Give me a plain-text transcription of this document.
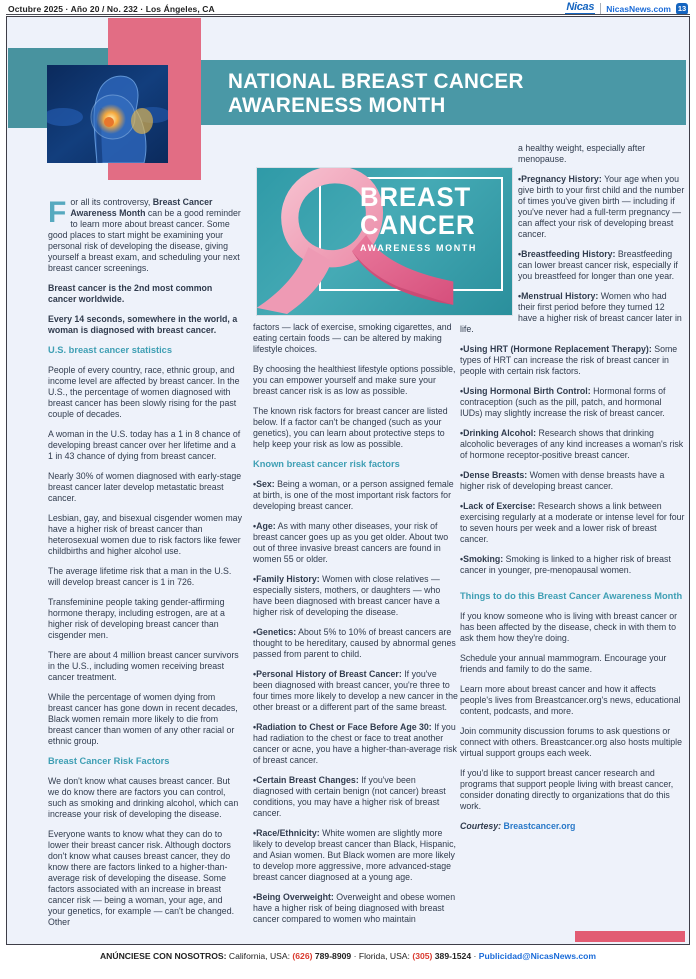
Octubre 2025 · Año 20 / No. 232 · Los Ángeles, CA	Nicas NicasNews.com 13
NATIONAL BREAST CANCER
AWARENESS MONTH
BREAST
CANCER
AWARENESS MONTH

For all its controversy, Breast Cancer Awareness Month can be a good reminder to learn more about breast cancer. Some good places to start might be examining your personal risk of developing the disease, giving yourself a breast exam, and scheduling your next breast cancer screenings.

Breast cancer is the 2nd most common cancer worldwide.

Every 14 seconds, somewhere in the world, a woman is diagnosed with breast cancer.

U.S. breast cancer statistics

People of every country, race, ethnic group, and income level are affected by breast cancer. In the U.S., the percentage of women diagnosed with breast cancer has been slowly rising for the past couple of decades.

A woman in the U.S. today has a 1 in 8 chance of developing breast cancer over her lifetime and a 1 in 43 chance of dying from breast cancer.

Nearly 30% of women diagnosed with early-stage breast cancer later develop metastatic breast cancer.

Lesbian, gay, and bisexual cisgender women may have a higher risk of breast cancer than heterosexual women due to risk factors like fewer childbirths and higher alcohol use.

The average lifetime risk that a man in the U.S. will develop breast cancer is 1 in 726.

Transfeminine people taking gender-affirming hormone therapy, including estrogen, are at a higher risk of developing breast cancer than cisgender men.

There are about 4 million breast cancer survivors in the U.S., including women receiving breast cancer treatment.

While the percentage of women dying from breast cancer has gone down in recent decades, Black women remain more likely to die from breast cancer than women of any other racial or ethnic group.

Breast Cancer Risk Factors

We don't know what causes breast cancer. But we do know there are factors you can control, such as smoking and drinking alcohol, which can increase your risk of developing the disease.

Everyone wants to know what they can do to lower their breast cancer risk. Although doctors don't know what causes breast cancer, they do know there are factors linked to a higher-than-average risk of developing the disease. Some factors associated with an increase in breast cancer risk — being a woman, your age, and your genetics, for example — can't be changed. Other

factors — lack of exercise, smoking cigarettes, and eating certain foods — can be altered by making lifestyle choices.

By choosing the healthiest lifestyle options possible, you can empower yourself and make sure your breast cancer risk is as low as possible.

The known risk factors for breast cancer are listed below. If a factor can't be changed (such as your genetics), you can learn about protective steps to help keep your risk as low as possible.

Known breast cancer risk factors

• Sex: Being a woman, or a person assigned female at birth, is one of the most important risk factors for developing breast cancer.

• Age: As with many other diseases, your risk of breast cancer goes up as you get older. About two out of three invasive breast cancers are found in women 55 or older.

• Family History: Women with close relatives — especially sisters, mothers, or daughters — who have been diagnosed with breast cancer have a higher risk of developing the disease.

• Genetics: About 5% to 10% of breast cancers are thought to be hereditary, caused by abnormal genes passed from parent to child.

• Personal History of Breast Cancer: If you've been diagnosed with breast cancer, you're three to four times more likely to develop a new cancer in the other breast or a different part of the same breast.

• Radiation to Chest or Face Before Age 30: If you had radiation to the chest or face to treat another cancer or acne, you have a higher-than-average risk of breast cancer.

• Certain Breast Changes: If you've been diagnosed with certain benign (not cancer) breast conditions, you may have a higher risk of breast cancer.

• Race/Ethnicity: White women are slightly more likely to develop breast cancer than Black, Hispanic, and Asian women. But Black women are more likely to develop more aggressive, more advanced-stage breast cancer diagnosed at a young age.

• Being Overweight: Overweight and obese women have a higher risk of being diagnosed with breast cancer compared to women who maintain

a healthy weight, especially after menopause.

• Pregnancy History: Your age when you give birth to your first child and the number of times you've given birth — including if you've never had a full-term pregnancy — can affect your risk of developing breast cancer.

• Breastfeeding History: Breastfeeding can lower breast cancer risk, especially if you breastfeed for longer than one year.

• Menstrual History: Women who had their first period before they turned 12 have a higher risk of breast cancer later in life.

• Using HRT (Hormone Replacement Therapy): Some types of HRT can increase the risk of breast cancer in people with certain risk factors.

• Using Hormonal Birth Control: Hormonal forms of contraception (such as the pill, patch, and hormonal IUDs) may slightly increase the risk of breast cancer.

• Drinking Alcohol: Research shows that drinking alcoholic beverages of any kind increases a woman's risk of hormone receptor-positive breast cancer.

• Dense Breasts: Women with dense breasts have a higher risk of developing breast cancer.

• Lack of Exercise: Research shows a link between exercising regularly at a moderate or intense level for four to seven hours per week and a lower risk of breast cancer.

• Smoking: Smoking is linked to a higher risk of breast cancer in younger, pre-menopausal women.

Things to do this Breast Cancer Awareness Month

If you know someone who is living with breast cancer or has been affected by the disease, check in with them to ask them how they're doing.

Schedule your annual mammogram. Encourage your friends and family to do the same.

Learn more about breast cancer and how it affects people's lives from Breastcancer.org's news, educational content, podcasts, and more.

Join community discussion forums to ask questions or connect with others. Breastcancer.org also hosts multiple virtual support groups each week.

If you'd like to support breast cancer research and programs that support people living with breast cancer, consider donating directly to organizations that do this work.

Courtesy: Breastcancer.org

ANÚNCIESE CON NOSOTROS: California, USA: (626) 789-8909 · Florida, USA: (305) 389-1524 · Publicidad@NicasNews.com
